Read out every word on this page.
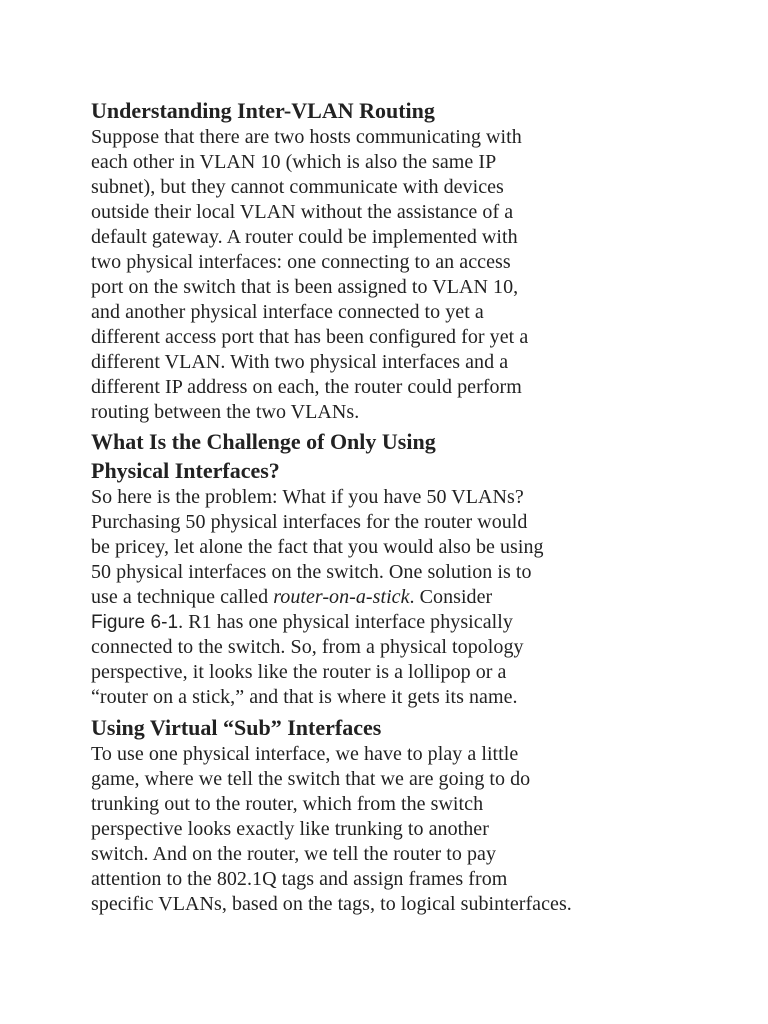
Understanding Inter-VLAN Routing

Suppose that there are two hosts communicating with
each other in VLAN 10 (which is also the same IP
subnet), but they cannot communicate with devices
outside their local VLAN without the assistance of a
default gateway. A router could be implemented with
two physical interfaces: one connecting to an access
port on the switch that is been assigned to VLAN 10,
and another physical interface connected to yet a
different access port that has been configured for yet a
different VLAN. With two physical interfaces and a
different IP address on each, the router could perform
routing between the two VLANs.

What Is the Challenge of Only Using
Physical Interfaces?

So here is the problem: What if you have 50 VLANs?
Purchasing 50 physical interfaces for the router would
be pricey, let alone the fact that you would also be using
50 physical interfaces on the switch. One solution is to
use a technique called router-on-a-stick. Consider
Figure 6-1. R1 has one physical interface physically
connected to the switch. So, from a physical topology
perspective, it looks like the router is a lollipop or a
“router on a stick,” and that is where it gets its name.

Using Virtual “Sub” Interfaces

To use one physical interface, we have to play a little
game, where we tell the switch that we are going to do
trunking out to the router, which from the switch
perspective looks exactly like trunking to another
switch. And on the router, we tell the router to pay
attention to the 802.1Q tags and assign frames from
specific VLANs, based on the tags, to logical subinterfaces.
